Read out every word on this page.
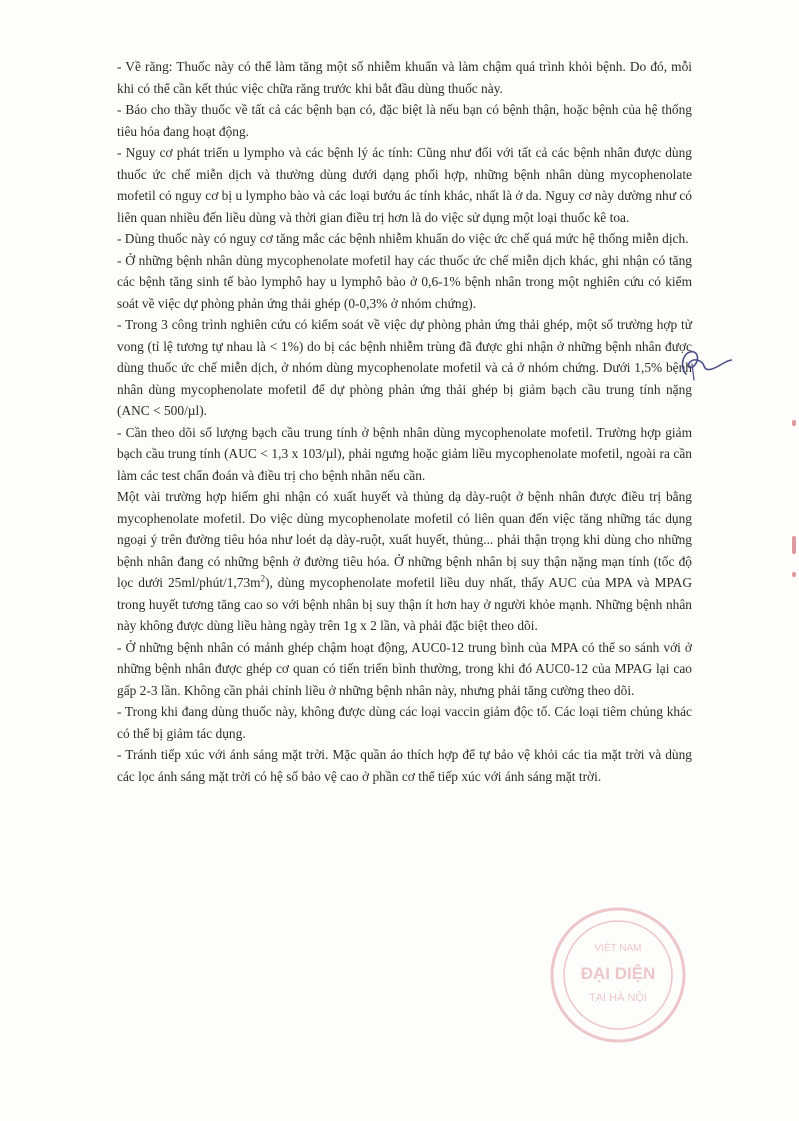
- Về răng: Thuốc này có thể làm tăng một số nhiễm khuẩn và làm chậm quá trình khỏi bệnh. Do đó, mỗi khi có thể cần kết thúc việc chữa răng trước khi bắt đầu dùng thuốc này.

- Báo cho thầy thuốc về tất cả các bệnh bạn có, đặc biệt là nếu bạn có bệnh thận, hoặc bệnh của hệ thống tiêu hóa đang hoạt động.

- Nguy cơ phát triển u lympho và các bệnh lý ác tính: Cũng như đối với tất cả các bệnh nhân được dùng thuốc ức chế miễn dịch và thường dùng dưới dạng phối hợp, những bệnh nhân dùng mycophenolate mofetil có nguy cơ bị u lympho bào và các loại bướu ác tính khác, nhất là ở da. Nguy cơ này dường như có liên quan nhiều đến liều dùng và thời gian điều trị hơn là do việc sử dụng một loại thuốc kê toa.

- Dùng thuốc này có nguy cơ tăng mắc các bệnh nhiễm khuẩn do việc ức chế quá mức hệ thống miễn dịch.

- Ở những bệnh nhân dùng mycophenolate mofetil hay các thuốc ức chế miễn dịch khác, ghi nhận có tăng các bệnh tăng sinh tế bào lymphô hay u lymphô bào ở 0,6-1% bệnh nhân trong một nghiên cứu có kiểm soát về việc dự phòng phản ứng thải ghép (0-0,3% ở nhóm chứng).

- Trong 3 công trình nghiên cứu có kiểm soát về việc dự phòng phản ứng thải ghép, một số trường hợp tử vong (tỉ lệ tương tự nhau là < 1%) do bị các bệnh nhiễm trùng đã được ghi nhận ở những bệnh nhân được dùng thuốc ức chế miễn dịch, ở nhóm dùng mycophenolate mofetil và cả ở nhóm chứng. Dưới 1,5% bệnh nhân dùng mycophenolate mofetil để dự phòng phản ứng thải ghép bị giảm bạch cầu trung tính nặng (ANC < 500/µl).

- Cần theo dõi số lượng bạch cầu trung tính ở bệnh nhân dùng mycophenolate mofetil. Trường hợp giảm bạch cầu trung tính (AUC < 1,3 x 103/µl), phải ngưng hoặc giảm liều mycophenolate mofetil, ngoài ra cần làm các test chẩn đoán và điều trị cho bệnh nhân nếu cần.

Một vài trường hợp hiếm ghi nhận có xuất huyết và thủng dạ dày-ruột ở bệnh nhân được điều trị bằng mycophenolate mofetil. Do việc dùng mycophenolate mofetil có liên quan đến việc tăng những tác dụng ngoại ý trên đường tiêu hóa như loét dạ dày-ruột, xuất huyết, thủng... phải thận trọng khi dùng cho những bệnh nhân đang có những bệnh ở đường tiêu hóa. Ở những bệnh nhân bị suy thận nặng mạn tính (tốc độ lọc dưới $25ml/phút/1,73m^2$), dùng mycophenolate mofetil liều duy nhất, thấy AUC của MPA và MPAG trong huyết tương tăng cao so với bệnh nhân bị suy thận ít hơn hay ở người khỏe mạnh. Những bệnh nhân này không được dùng liều hàng ngày trên 1g x 2 lần, và phải đặc biệt theo dõi.

- Ở những bệnh nhân có mảnh ghép chậm hoạt động, AUC0-12 trung bình của MPA có thể so sánh với ở những bệnh nhân được ghép cơ quan có tiến triển bình thường, trong khi đó AUC0-12 của MPAG lại cao gấp 2-3 lần. Không cần phải chỉnh liều ở những bệnh nhân này, nhưng phải tăng cường theo dõi.

- Trong khi đang dùng thuốc này, không được dùng các loại vaccin giảm độc tố. Các loại tiêm chủng khác có thể bị giảm tác dụng.

- Tránh tiếp xúc với ánh sáng mặt trời. Mặc quần áo thích hợp để tự bảo vệ khỏi các tia mặt trời và dùng các lọc ánh sáng mặt trời có hệ số bảo vệ cao ở phần cơ thể tiếp xúc với ánh sáng mặt trời.

VIỆT NAM
ĐẠI DIỆN
TẠI HÀ NỘI
